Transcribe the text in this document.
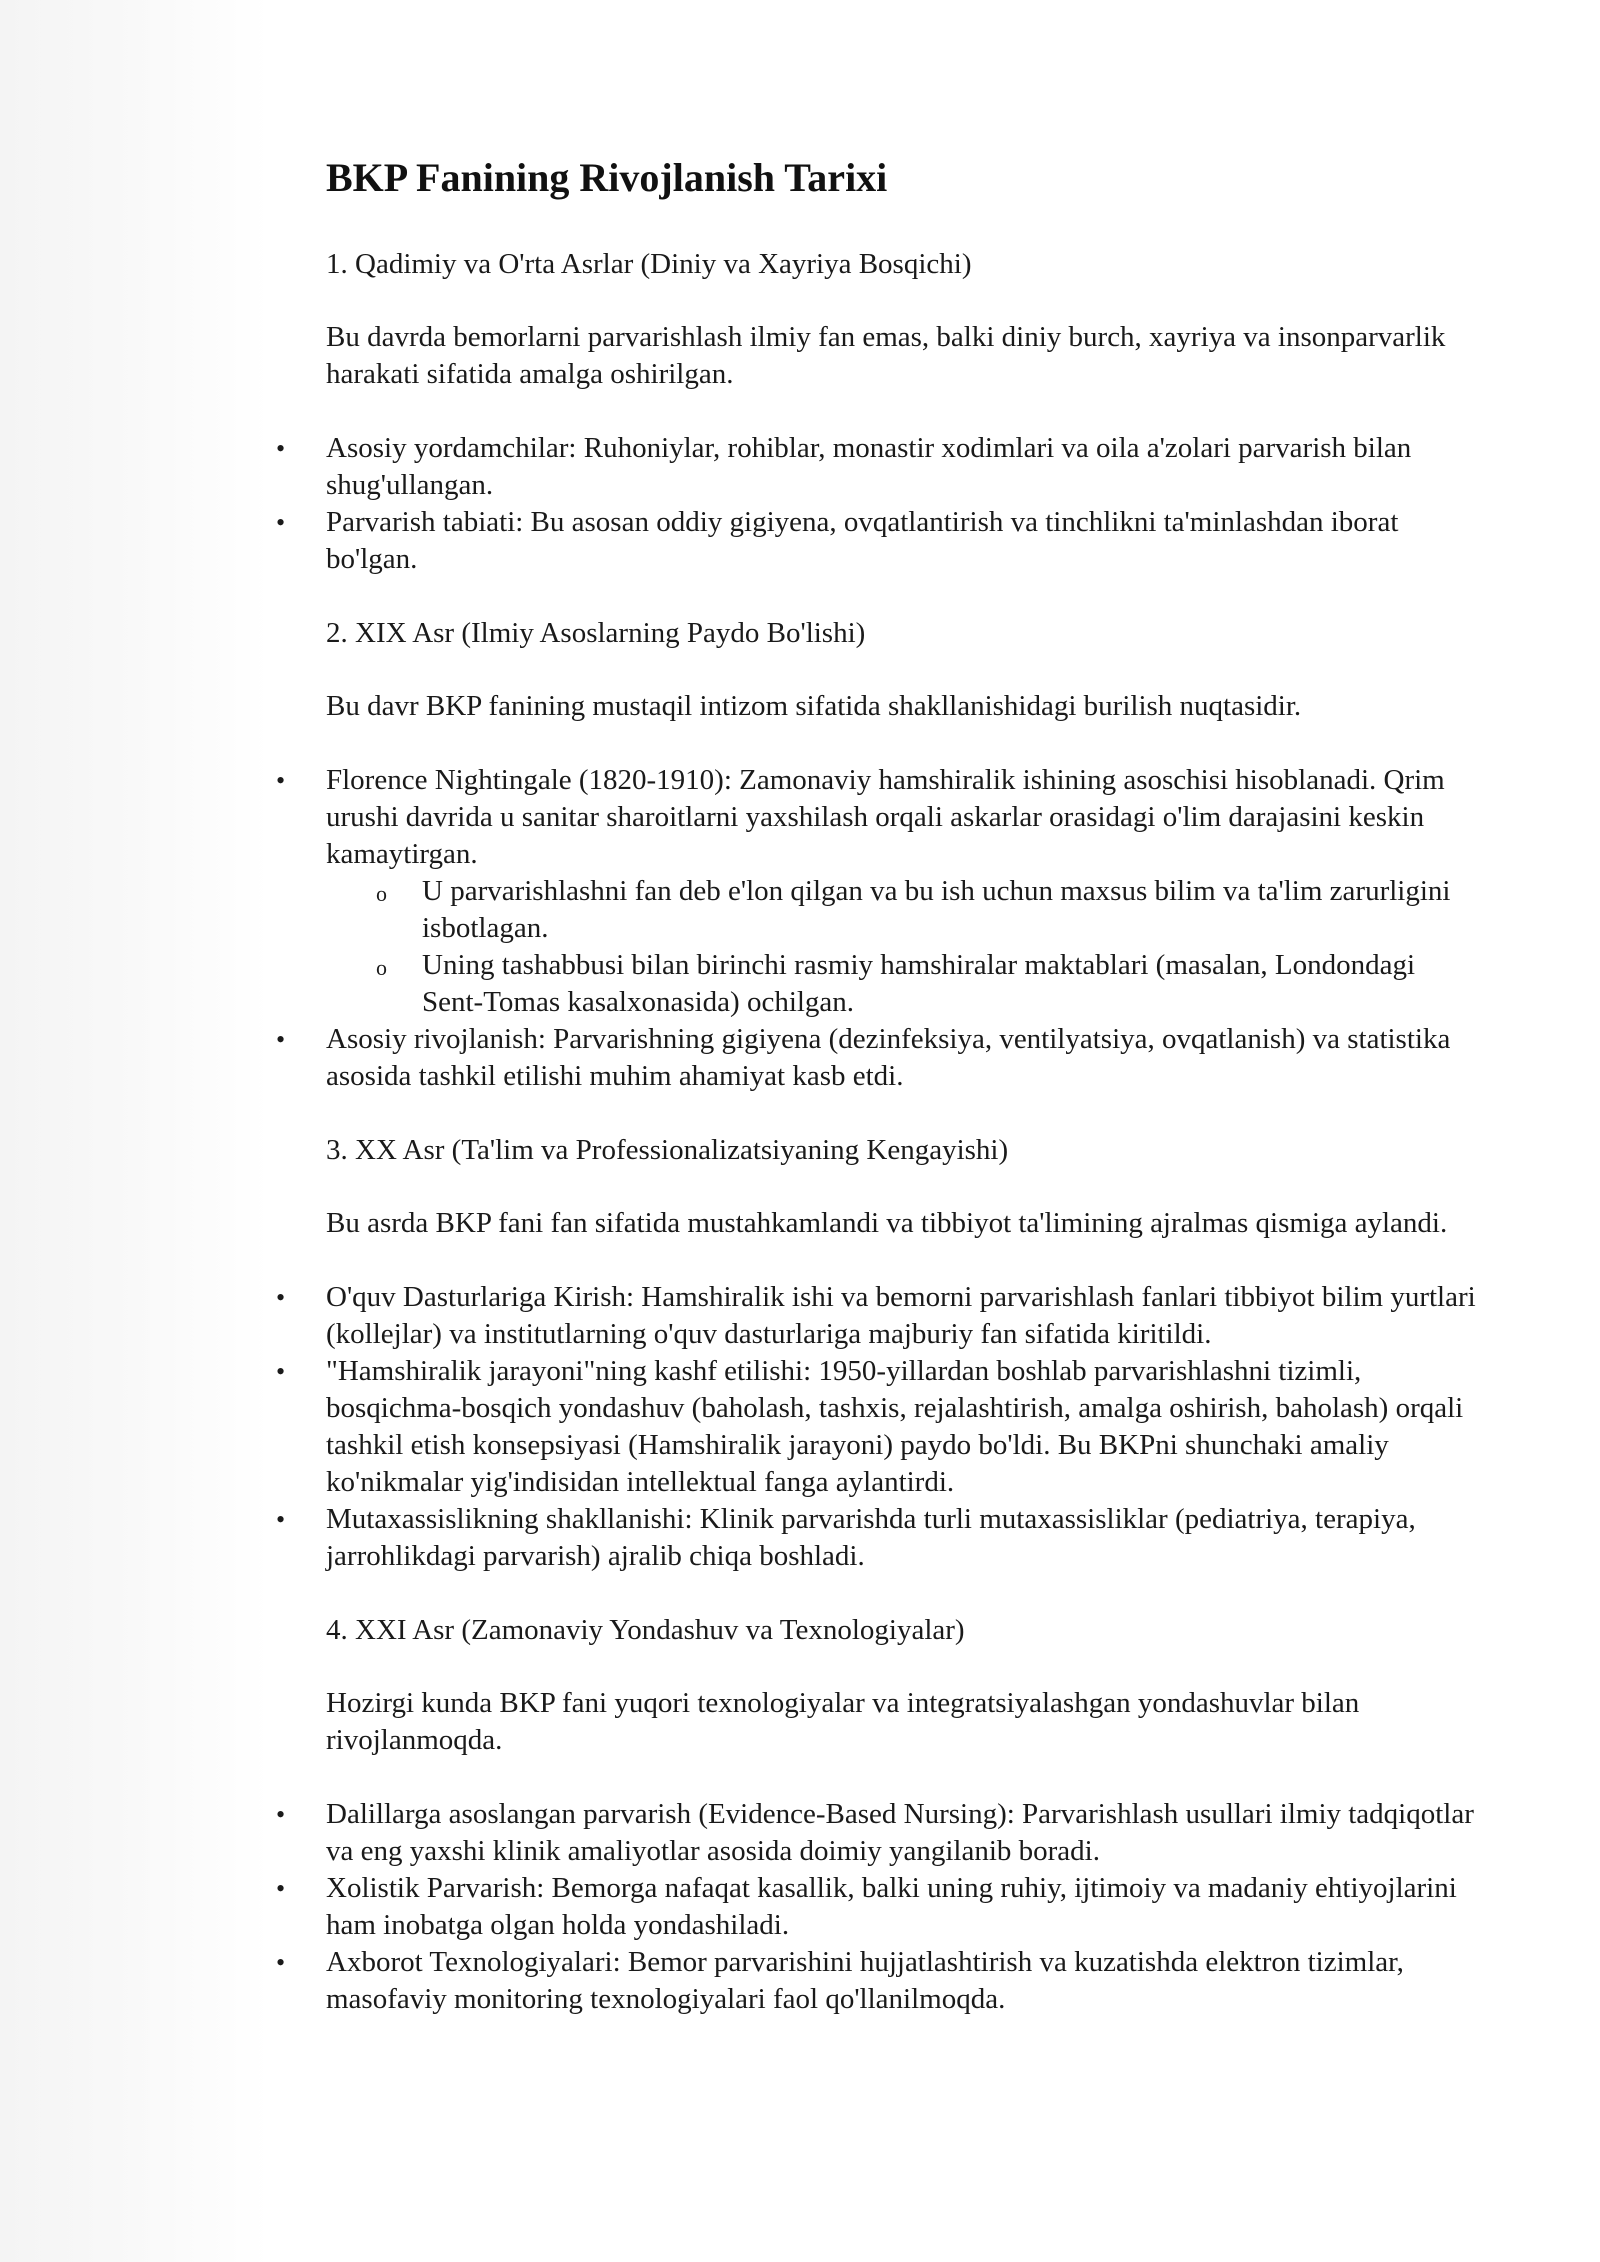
BKP Fanining Rivojlanish Tarixi

1. Qadimiy va O'rta Asrlar (Diniy va Xayriya Bosqichi)

Bu davrda bemorlarni parvarishlash ilmiy fan emas, balki diniy burch, xayriya va insonparvarlik harakati sifatida amalga oshirilgan.

• Asosiy yordamchilar: Ruhoniylar, rohiblar, monastir xodimlari va oila a'zolari parvarish bilan shug'ullangan.
• Parvarish tabiati: Bu asosan oddiy gigiyena, ovqatlantirish va tinchlikni ta'minlashdan iborat bo'lgan.

2. XIX Asr (Ilmiy Asoslarning Paydo Bo'lishi)

Bu davr BKP fanining mustaqil intizom sifatida shakllanishidagi burilish nuqtasidir.

• Florence Nightingale (1820-1910): Zamonaviy hamshiralik ishining asoschisi hisoblanadi. Qrim urushi davrida u sanitar sharoitlarni yaxshilash orqali askarlar orasidagi o'lim darajasini keskin kamaytirgan.
o U parvarishlashni fan deb e'lon qilgan va bu ish uchun maxsus bilim va ta'lim zarurligini isbotlagan.
o Uning tashabbusi bilan birinchi rasmiy hamshiralar maktablari (masalan, Londondagi Sent-Tomas kasalxonasida) ochilgan.
• Asosiy rivojlanish: Parvarishning gigiyena (dezinfeksiya, ventilyatsiya, ovqatlanish) va statistika asosida tashkil etilishi muhim ahamiyat kasb etdi.

3. XX Asr (Ta'lim va Professionalizatsiyaning Kengayishi)

Bu asrda BKP fani fan sifatida mustahkamlandi va tibbiyot ta'limining ajralmas qismiga aylandi.

• O'quv Dasturlariga Kirish: Hamshiralik ishi va bemorni parvarishlash fanlari tibbiyot bilim yurtlari (kollejlar) va institutlarning o'quv dasturlariga majburiy fan sifatida kiritildi.
• "Hamshiralik jarayoni"ning kashf etilishi: 1950-yillardan boshlab parvarishlashni tizimli, bosqichma-bosqich yondashuv (baholash, tashxis, rejalashtirish, amalga oshirish, baholash) orqali tashkil etish konsepsiyasi (Hamshiralik jarayoni) paydo bo'ldi. Bu BKPni shunchaki amaliy ko'nikmalar yig'indisidan intellektual fanga aylantirdi.
• Mutaxassislikning shakllanishi: Klinik parvarishda turli mutaxassisliklar (pediatriya, terapiya, jarrohlikdagi parvarish) ajralib chiqa boshladi.

4. XXI Asr (Zamonaviy Yondashuv va Texnologiyalar)

Hozirgi kunda BKP fani yuqori texnologiyalar va integratsiyalashgan yondashuvlar bilan rivojlanmoqda.

• Dalillarga asoslangan parvarish (Evidence-Based Nursing): Parvarishlash usullari ilmiy tadqiqotlar va eng yaxshi klinik amaliyotlar asosida doimiy yangilanib boradi.
• Xolistik Parvarish: Bemorga nafaqat kasallik, balki uning ruhiy, ijtimoiy va madaniy ehtiyojlarini ham inobatga olgan holda yondashiladi.
• Axborot Texnologiyalari: Bemor parvarishini hujjatlashtirish va kuzatishda elektron tizimlar, masofaviy monitoring texnologiyalari faol qo'llanilmoqda.
